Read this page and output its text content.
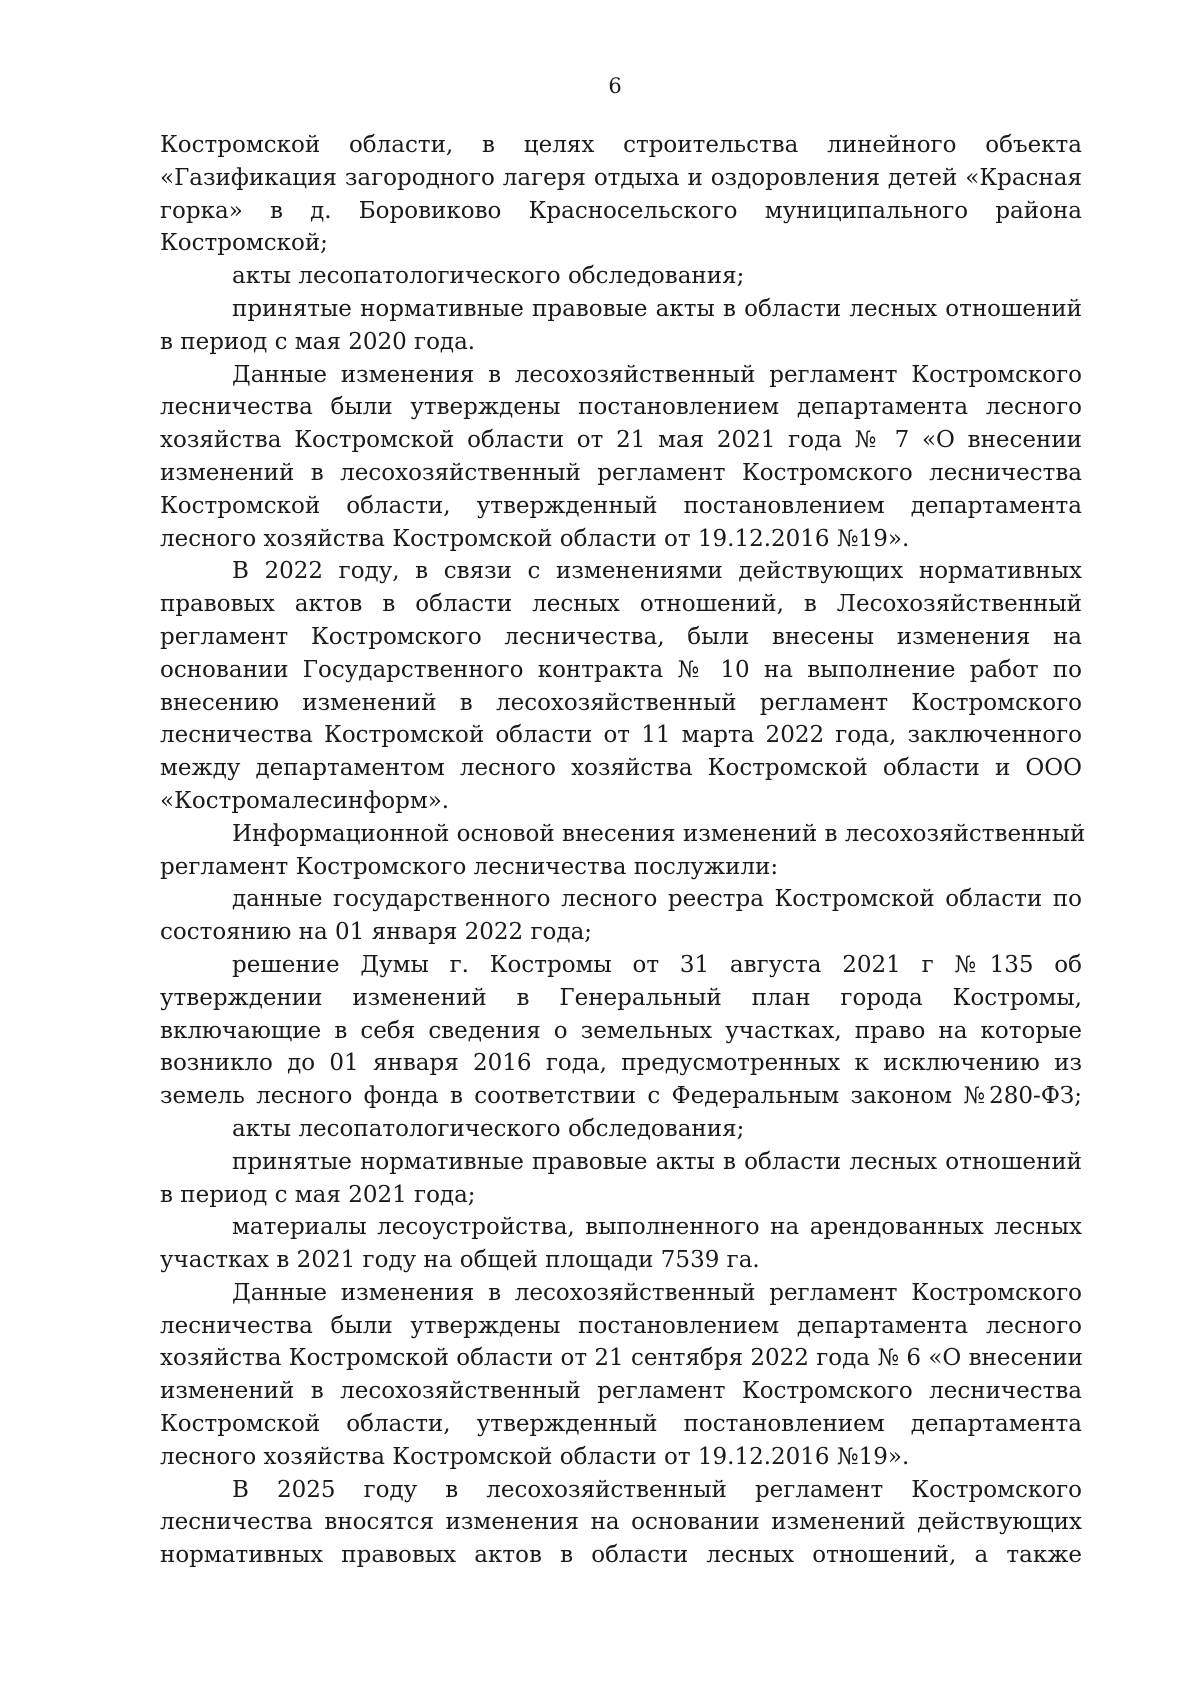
6
Костромской области, в целях строительства линейного объекта
«Газификация загородного лагеря отдыха и оздоровления детей «Красная
горка» в д. Боровиково Красносельского муниципального района
Костромской;
акты лесопатологического обследования;
принятые нормативные правовые акты в области лесных отношений
в период с мая 2020 года.
Данные изменения в лесохозяйственный регламент Костромского
лесничества были утверждены постановлением департамента лесного
хозяйства Костромской области от 21 мая 2021 года № 7 «О внесении
изменений в лесохозяйственный регламент Костромского лесничества
Костромской области, утвержденный постановлением департамента
лесного хозяйства Костромской области от 19.12.2016 №19».
В 2022 году, в связи с изменениями действующих нормативных
правовых актов в области лесных отношений, в Лесохозяйственный
регламент Костромского лесничества, были внесены изменения на
основании Государственного контракта № 10 на выполнение работ по
внесению изменений в лесохозяйственный регламент Костромского
лесничества Костромской области от 11 марта 2022 года, заключенного
между департаментом лесного хозяйства Костромской области и ООО
«Костромалесинформ».
Информационной основой внесения изменений в лесохозяйственный
регламент Костромского лесничества послужили:
данные государственного лесного реестра Костромской области по
состоянию на 01 января 2022 года;
решение Думы г. Костромы от 31 августа 2021 г №135 об
утверждении изменений в Генеральный план города Костромы,
включающие в себя сведения о земельных участках, право на которые
возникло до 01 января 2016 года, предусмотренных к исключению из
земель лесного фонда в соответствии с Федеральным законом №280-ФЗ;
акты лесопатологического обследования;
принятые нормативные правовые акты в области лесных отношений
в период с мая 2021 года;
материалы лесоустройства, выполненного на арендованных лесных
участках в 2021 году на общей площади 7539 га.
Данные изменения в лесохозяйственный регламент Костромского
лесничества были утверждены постановлением департамента лесного
хозяйства Костромской области от 21 сентября 2022 года № 6 «О внесении
изменений в лесохозяйственный регламент Костромского лесничества
Костромской области, утвержденный постановлением департамента
лесного хозяйства Костромской области от 19.12.2016 №19».
В 2025 году в лесохозяйственный регламент Костромского
лесничества вносятся изменения на основании изменений действующих
нормативных правовых актов в области лесных отношений, а также
